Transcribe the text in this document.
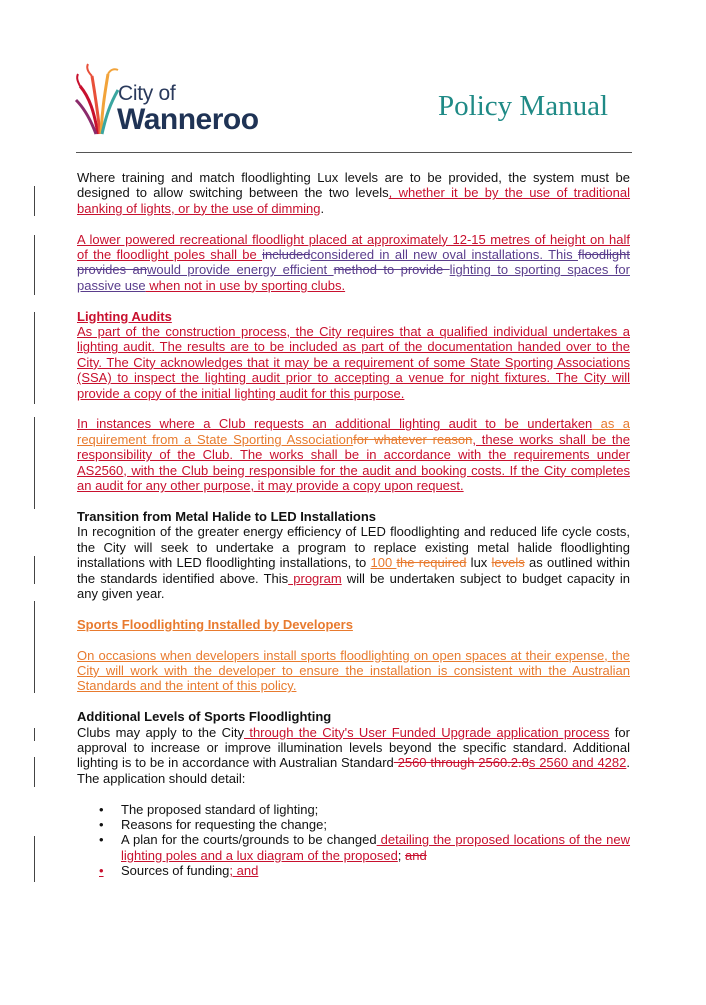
City of
Wanneroo	Policy Manual

Where training and match floodlighting Lux levels are to be provided, the system must be designed to allow switching between the two levels, whether it be by the use of traditional banking of lights, or by the use of dimming.

A lower powered recreational floodlight placed at approximately 12-15 metres of height on half of the floodlight poles shall be includedconsidered in all new oval installations. This floodlight provides anwould provide energy efficient method to provide lighting to sporting spaces for passive use when not in use by sporting clubs.

Lighting Audits

As part of the construction process, the City requires that a qualified individual undertakes a lighting audit. The results are to be included as part of the documentation handed over to the City. The City acknowledges that it may be a requirement of some State Sporting Associations (SSA) to inspect the lighting audit prior to accepting a venue for night fixtures. The City will provide a copy of the initial lighting audit for this purpose.

In instances where a Club requests an additional lighting audit to be undertaken as a requirement from a State Sporting Associationfor whatever reason, these works shall be the responsibility of the Club. The works shall be in accordance with the requirements under AS2560, with the Club being responsible for the audit and booking costs. If the City completes an audit for any other purpose, it may provide a copy upon request.

Transition from Metal Halide to LED Installations

In recognition of the greater energy efficiency of LED floodlighting and reduced life cycle costs, the City will seek to undertake a program to replace existing metal halide floodlighting installations with LED floodlighting installations, to 100 the required lux levels as outlined within the standards identified above. This program will be undertaken subject to budget capacity in any given year.

Sports Floodlighting Installed by Developers

On occasions when developers install sports floodlighting on open spaces at their expense, the City will work with the developer to ensure the installation is consistent with the Australian Standards and the intent of this policy.

Additional Levels of Sports Floodlighting

Clubs may apply to the City through the City's User Funded Upgrade application process for approval to increase or improve illumination levels beyond the specific standard. Additional lighting is to be in accordance with Australian Standard 2560 through 2560.2.8s 2560 and 4282. The application should detail:

• The proposed standard of lighting;
• Reasons for requesting the change;
• A plan for the courts/grounds to be changed detailing the proposed locations of the new lighting poles and a lux diagram of the proposed; and
• Sources of funding; and
